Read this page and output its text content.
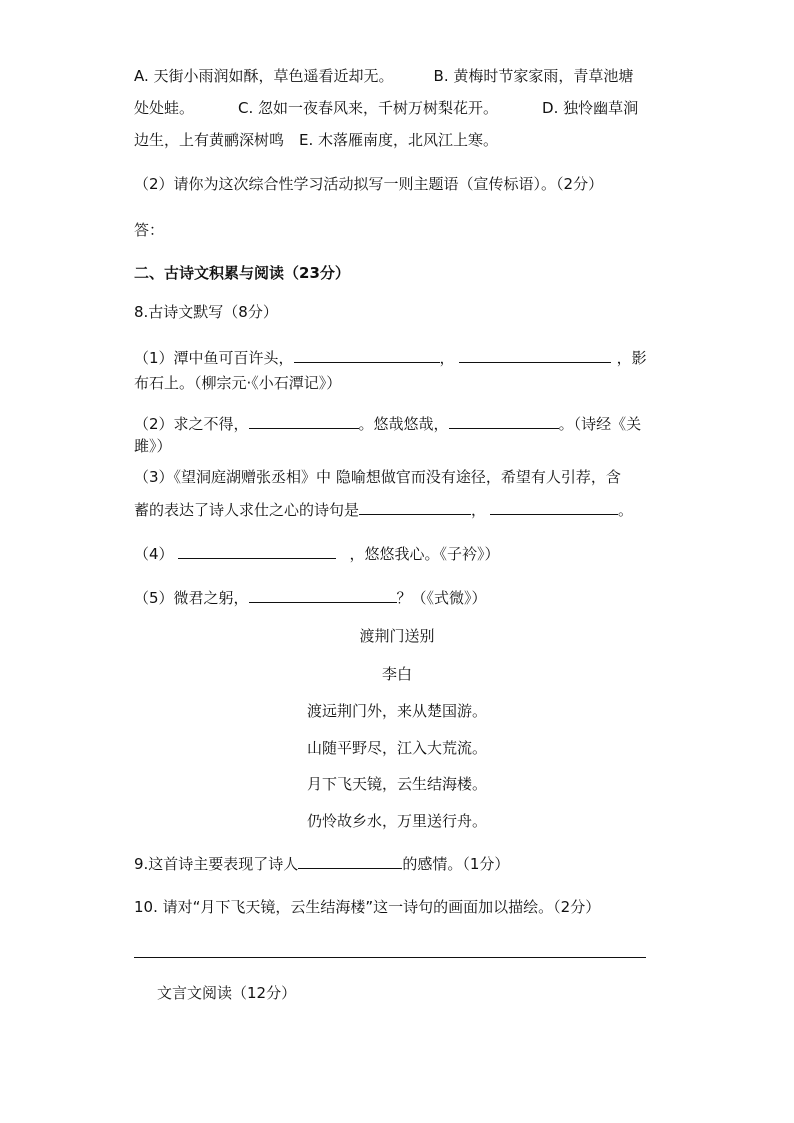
A. 天街小雨润如酥，草色遥看近却无。	B. 黄梅时节家家雨，青草池塘
处处蛙。	C. 忽如一夜春风来，千树万树梨花开。	D. 独怜幽草涧
边生，上有黄鹂深树鸣　E. 木落雁南度，北风江上寒。
（2）请你为这次综合性学习活动拟写一则主题语（宣传标语）。（2分）
答：
二、古诗文积累与阅读（23分）
8.古诗文默写（8分）
（1）潭中鱼可百许头，	，	，影
布石上。（柳宗元·《小石潭记》）
（2）求之不得，	。悠哉悠哉，	。（诗经《关
雎》）
（3）《望洞庭湖赠张丞相》中 隐喻想做官而没有途径，希望有人引荐，含
蓄的表达了诗人求仕之心的诗句是	，	。
（4）	，悠悠我心。《子衿》）
（5）微君之躬，	？（《式微》）
渡荆门送别
李白
渡远荆门外，来从楚国游。
山随平野尽，江入大荒流。
月下飞天镜，云生结海楼。
仍怜故乡水，万里送行舟。
9.这首诗主要表现了诗人	的感情。（1分）
10. 请对“月下飞天镜，云生结海楼”这一诗句的画面加以描绘。（2分）
文言文阅读（12分）
